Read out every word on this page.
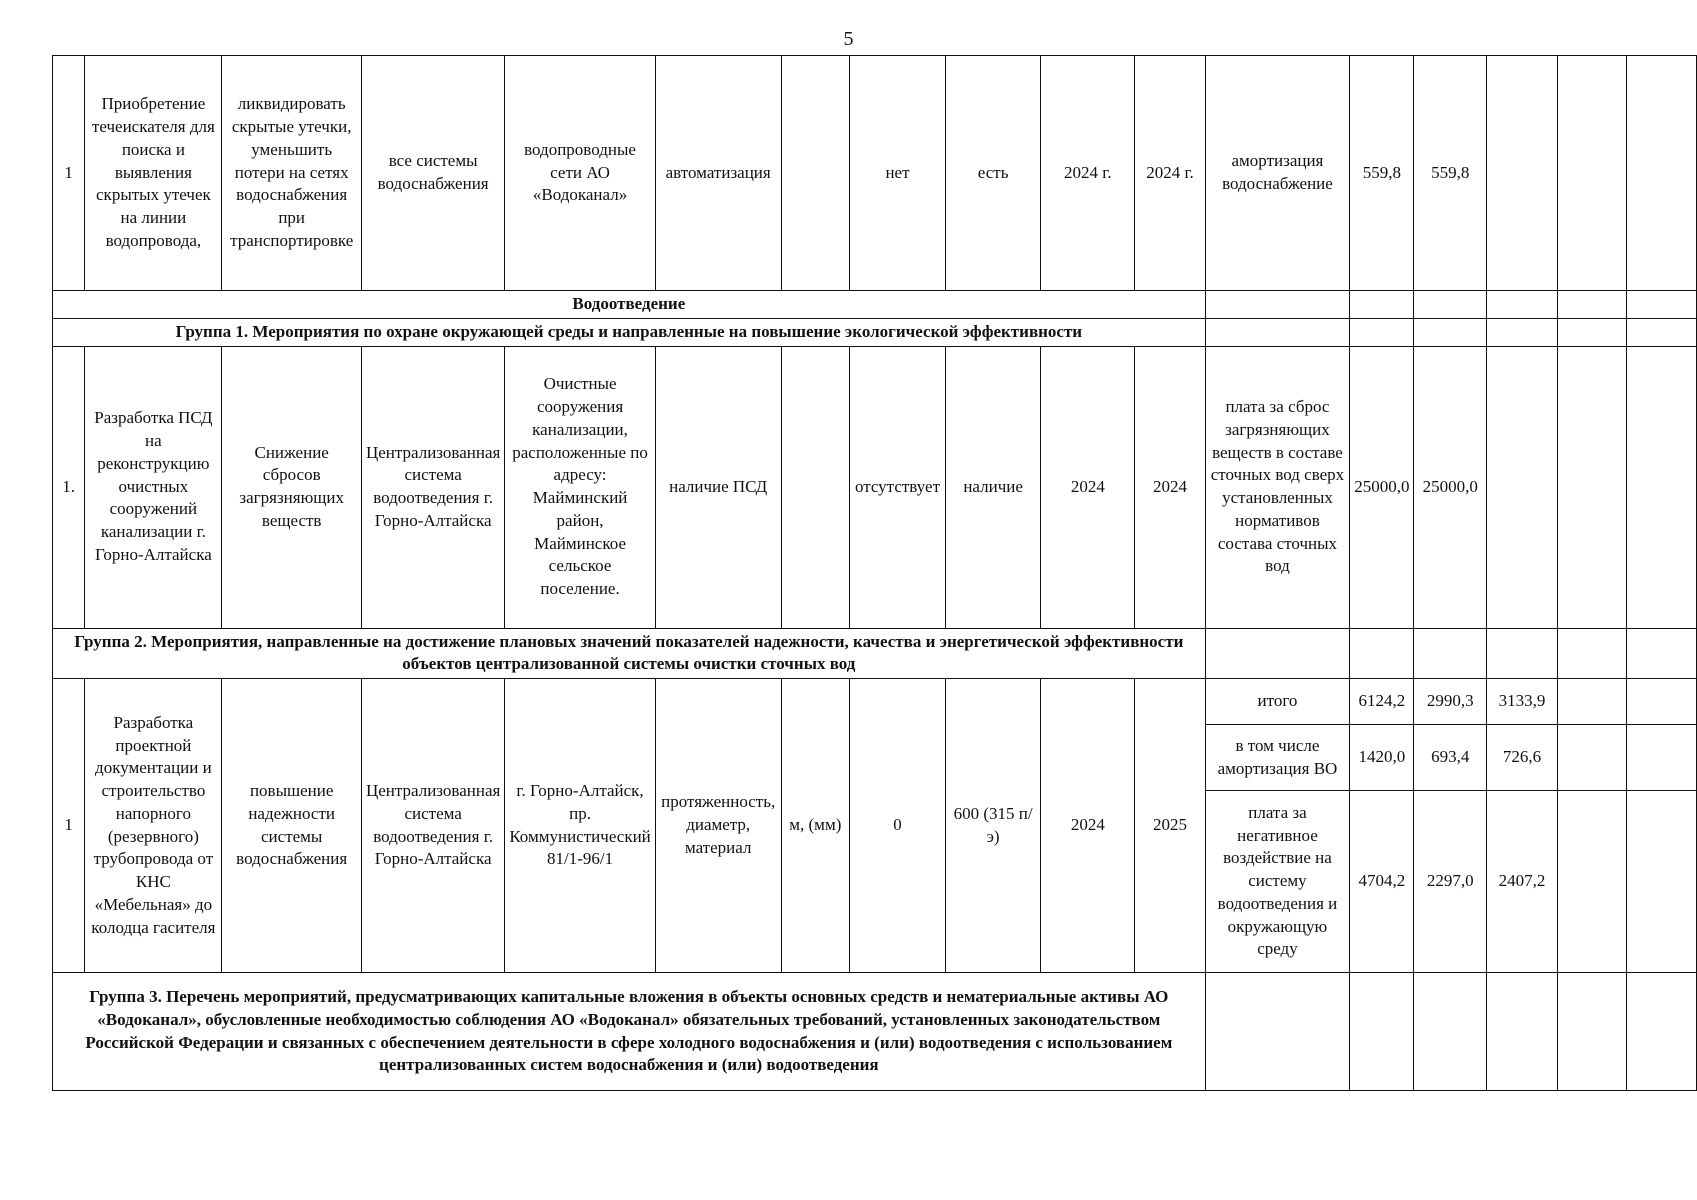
5
1	Приобретение течеискателя для поиска и выявления скрытых утечек на линии водопровода,	ликвидировать скрытые утечки, уменьшить потери на сетях водоснабжения при транспортировке	все системы водоснабжения	водопроводные сети АО «Водоканал»	автоматизация		нет	есть	2024 г.	2024 г.	амортизация водоснабжение	559,8	559,8			
Водоотведение																
Группа 1. Мероприятия по охране окружающей среды и направленные на повышение экологической эффективности																
1.	Разработка ПСД на реконструкцию очистных сооружений канализации г. Горно-Алтайска	Снижение сбросов загрязняющих веществ	Централизованная система водоотведения г. Горно-Алтайска	Очистные сооружения канализации, расположенные по адресу: Майминский район, Майминское сельское поселение.	наличие ПСД		отсутствует	наличие	2024	2024	плата за сброс загрязняющих веществ в составе сточных вод сверх установленных нормативов состава сточных вод	25000,0	25000,0			
Группа 2. Мероприятия, направленные на достижение плановых значений показателей надежности, качества и энергетической эффективности объектов централизованной системы очистки сточных вод																
1	Разработка проектной документации и строительство напорного (резервного) трубопровода от КНС «Мебельная» до колодца гасителя	повышение надежности системы водоснабжения	Централизованная система водоотведения г. Горно-Алтайска	г. Горно-Алтайск, пр. Коммунистический 81/1-96/1	протяженность, диаметр, материал	м, (мм)	0	600 (315 п/э)	2024	2025	итого	6124,2	2990,3	3133,9		
											в том числе амортизация ВО	1420,0	693,4	726,6		
											плата за негативное воздействие на систему водоотведения и окружающую среду	4704,2	2297,0	2407,2		
Группа 3. Перечень мероприятий, предусматривающих капитальные вложения в объекты основных средств и нематериальные активы АО «Водоканал», обусловленные необходимостью соблюдения АО «Водоканал» обязательных требований, установленных законодательством Российской Федерации и связанных с обеспечением деятельности в сфере холодного водоснабжения и (или) водоотведения с использованием централизованных систем водоснабжения и (или) водоотведения																
